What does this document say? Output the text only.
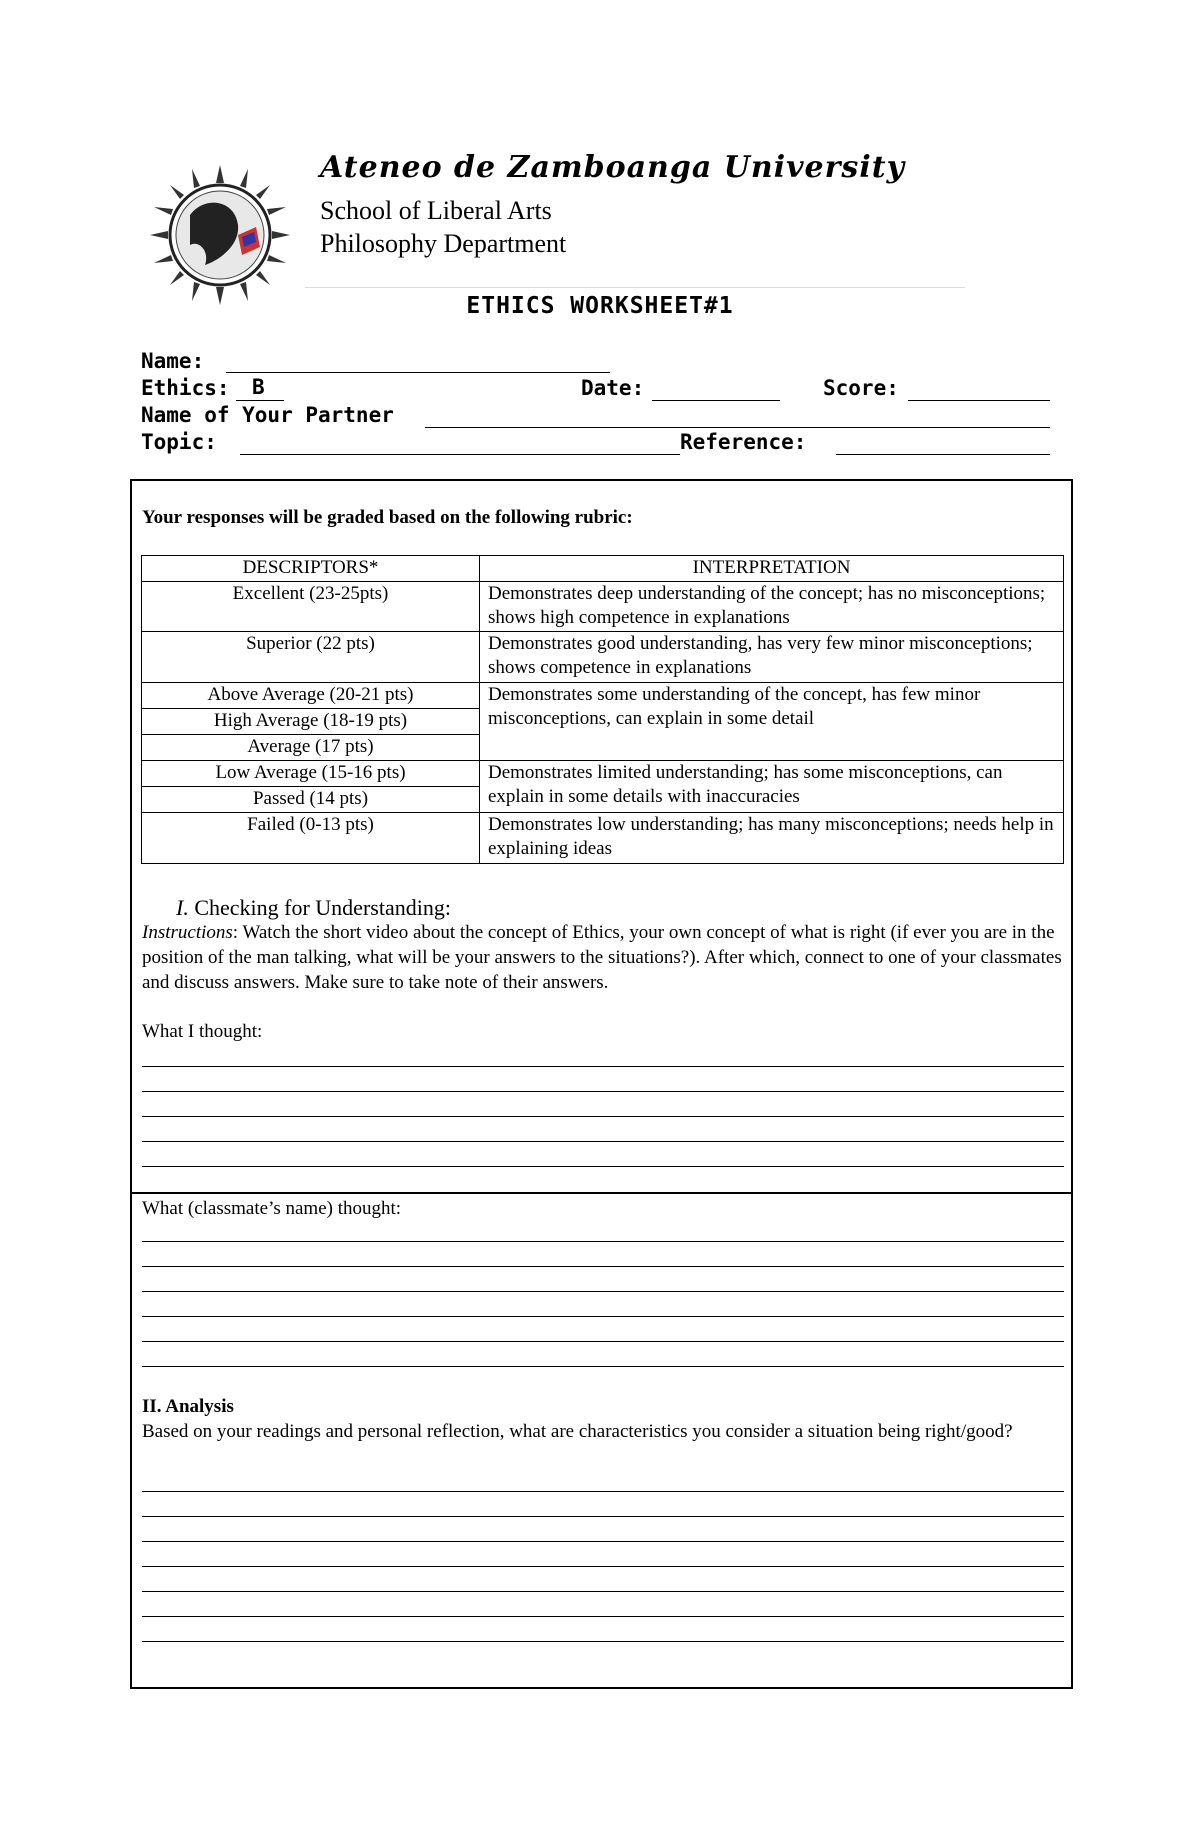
Ateneo de Zamboanga University
School of Liberal Arts
Philosophy Department
ETHICS WORKSHEET#1
Name:
Ethics:	B	Date:	Score:
Name of Your Partner
Topic:	Reference:
Your responses will be graded based on the following rubric:
DESCRIPTORS*	INTERPRETATION
Excellent (23-25pts)	Demonstrates deep understanding of the concept; has no misconceptions; shows high competence in explanations
Superior (22 pts)	Demonstrates good understanding, has very few minor misconceptions; shows competence in explanations
Above Average (20-21 pts)	Demonstrates some understanding of the concept, has few minor misconceptions, can explain in some detail
High Average (18-19 pts)	
Average (17 pts)	
Low Average (15-16 pts)	Demonstrates limited understanding; has some misconceptions, can explain in some details with inaccuracies
Passed (14 pts)	
Failed (0-13 pts)	Demonstrates low understanding; has many misconceptions; needs help in explaining ideas
I. Checking for Understanding:
Instructions: Watch the short video about the concept of Ethics, your own concept of what is right (if ever you are in the position of the man talking, what will be your answers to the situations?). After which, connect to one of your classmates and discuss answers. Make sure to take note of their answers.
What I thought:
What (classmate’s name) thought:
II. Analysis
Based on your readings and personal reflection, what are characteristics you consider a situation being right/good?
